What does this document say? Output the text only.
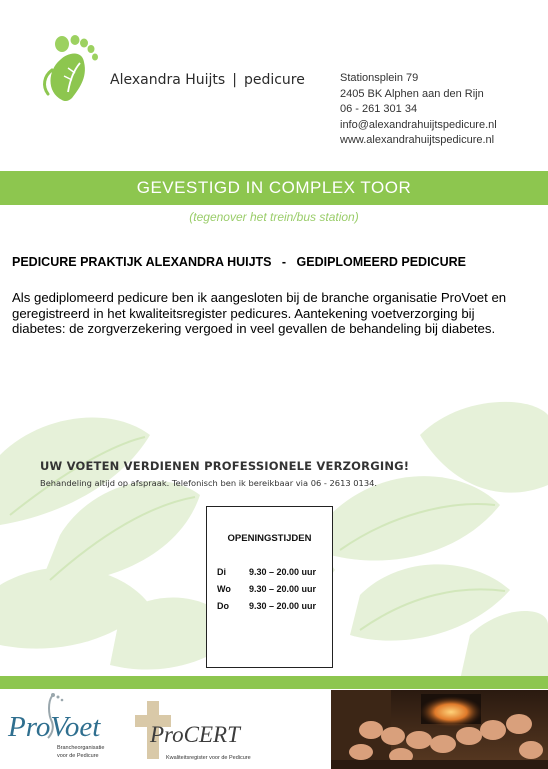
Alexandra Huijts | pedicure	Stationsplein 79
2405 BK Alphen aan den Rijn
06 - 261 301 34
info@alexandrahuijtspedicure.nl
www.alexandrahuijtspedicure.nl
GEVESTIGD IN COMPLEX TOOR
(tegenover het trein/bus station)
PEDICURE PRAKTIJK ALEXANDRA HUIJTS   -   GEDIPLOMEERD PEDICURE
Als gediplomeerd pedicure ben ik aangesloten bij de branche organisatie ProVoet en
geregistreerd in het kwaliteitsregister pedicures. Aantekening voetverzorging bij
diabetes: de zorgverzekering vergoed in veel gevallen de behandeling bij diabetes.
UW VOETEN VERDIENEN PROFESSIONELE VERZORGING!
Behandeling altijd op afspraak. Telefonisch ben ik bereikbaar via 06 - 2613 0134.
OPENINGSTIJDEN
Di	9.30 – 20.00 uur
Wo 9.30 – 20.00 uur
Do 9.30 – 20.00 uur
ProVoet
Brancheorganisatie
voor de Pedicure
ProCERT
Kwaliteitsregister voor de Pedicure
